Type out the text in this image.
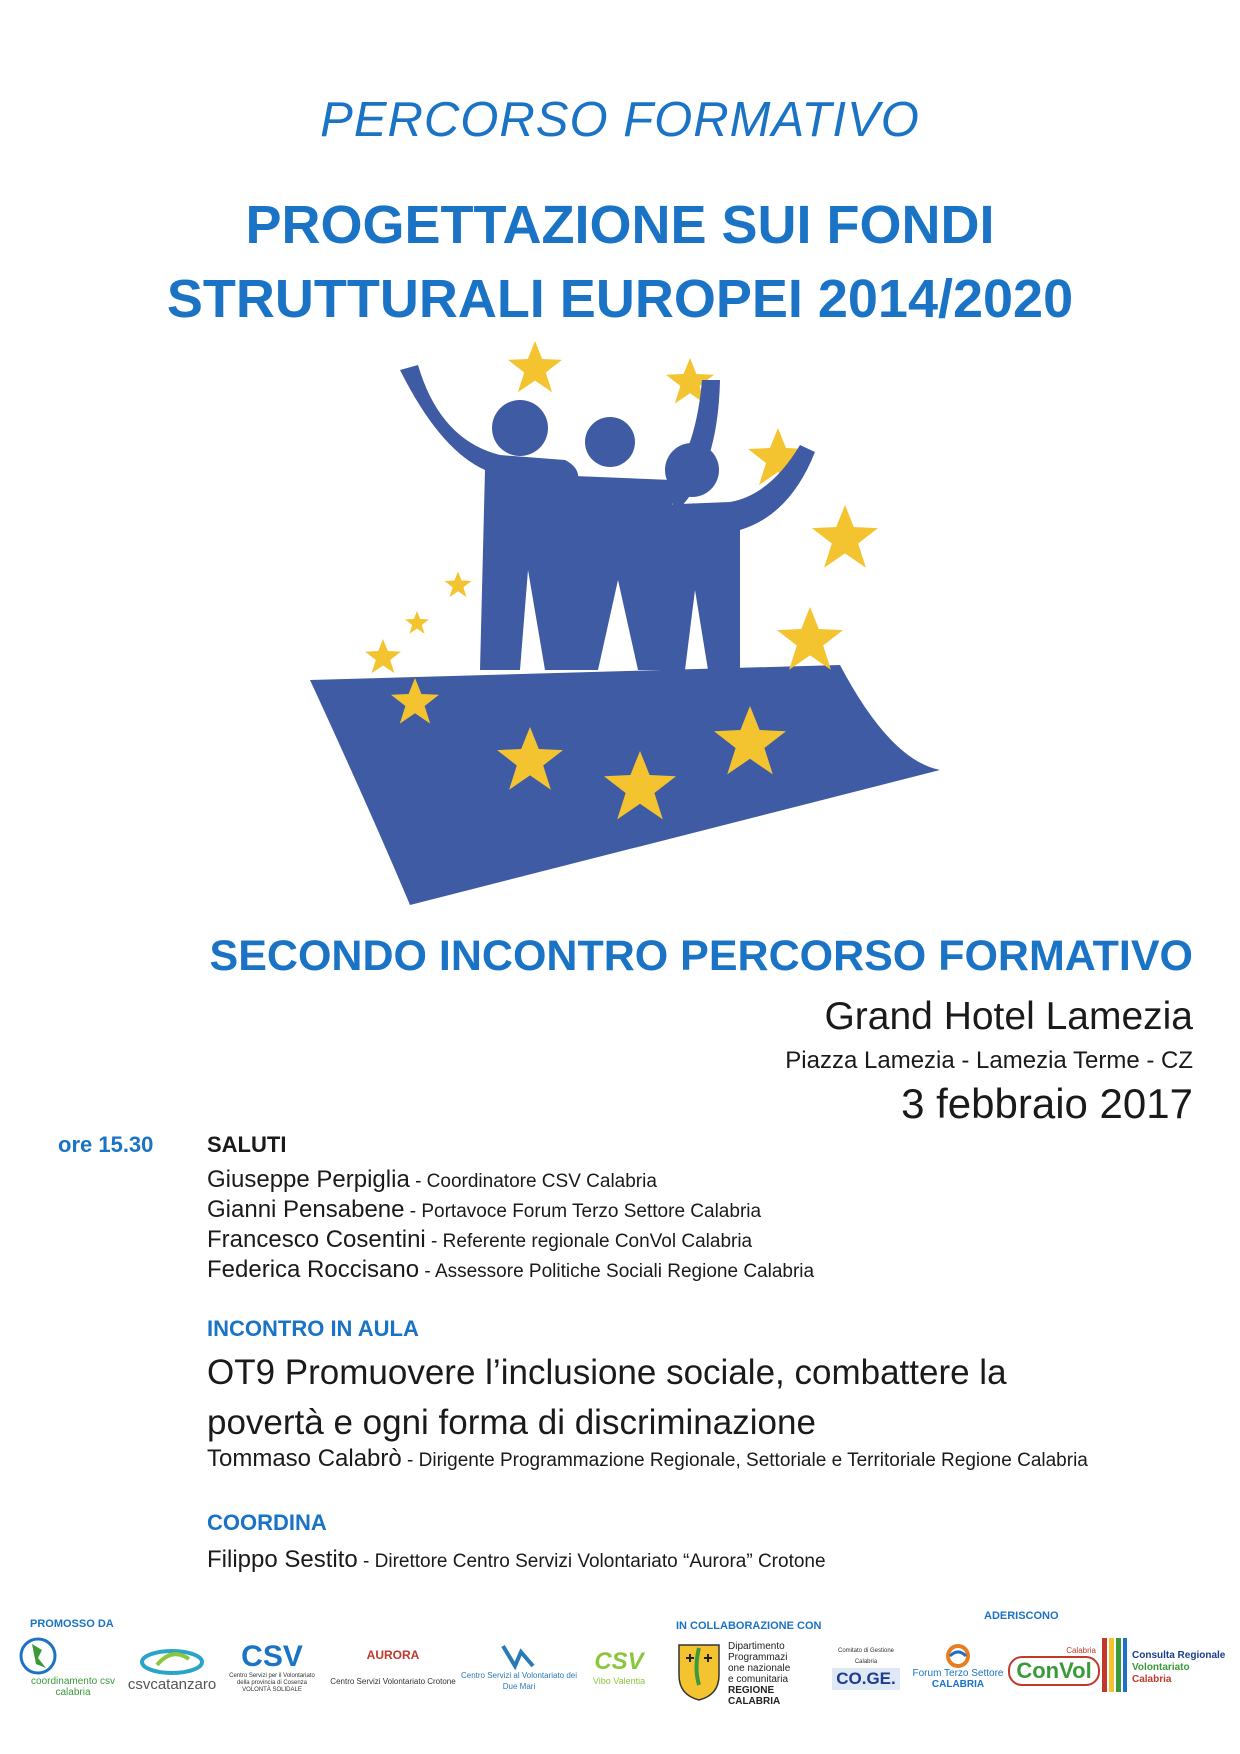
PERCORSO FORMATIVO
PROGETTAZIONE SUI FONDI
STRUTTURALI EUROPEI 2014/2020
SECONDO INCONTRO PERCORSO FORMATIVO
Grand Hotel Lamezia
Piazza Lamezia - Lamezia Terme - CZ
3 febbraio 2017
ore 15.30 SALUTI
Giuseppe Perpiglia - Coordinatore CSV Calabria
Gianni Pensabene - Portavoce Forum Terzo Settore Calabria
Francesco Cosentini - Referente regionale ConVol Calabria
Federica Roccisano - Assessore Politiche Sociali Regione Calabria
INCONTRO IN AULA
OT9 Promuovere l’inclusione sociale, combattere la
povertà e ogni forma di discriminazione
Tommaso Calabrò - Dirigente Programmazione Regionale, Settoriale e Territoriale Regione Calabria
COORDINA
Filippo Sestito - Direttore Centro Servizi Volontariato “Aurora” Crotone
PROMOSSO DA	IN COLLABORAZIONE CON
ADERISCONO
coordinamento csv calabria	csvcatanzaro
CSV
Centro Servizi per il Volontariato della provincia di Cosenza VOLONTÀ SOLIDALE
AURORA
Centro Servizi Volontariato Crotone
Centro Servizi al Volontariato dei Due Mari
CSV
Vibo Valentia
Dipartimento
Programmazi
one nazionale
e comunitaria
REGIONE
CALABRIA
Comitato di Gestione Calabria
CO.GE.	Forum Terzo Settore
CALABRIA
Calabria
ConVol
Consulta Regionale
Volontariato
Calabria
